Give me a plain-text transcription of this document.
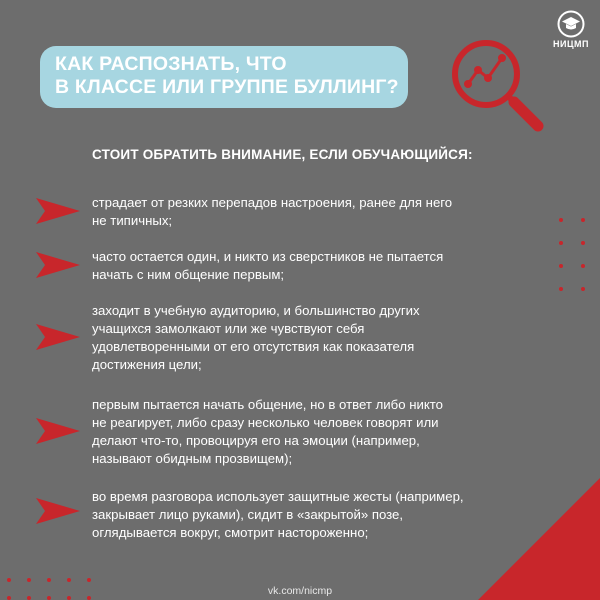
НИЦМП
КАК РАСПОЗНАТЬ, ЧТО
В КЛАССЕ ИЛИ ГРУППЕ БУЛЛИНГ?
СТОИТ ОБРАТИТЬ ВНИМАНИЕ, ЕСЛИ ОБУЧАЮЩИЙСЯ:
страдает от резких перепадов настроения, ранее для него
не типичных;
часто остается один, и никто из сверстников не пытается
начать с ним общение первым;
заходит в учебную аудиторию, и большинство других
учащихся замолкают или же чувствуют себя
удовлетворенными от его отсутствия как показателя
достижения цели;
первым пытается начать общение, но в ответ либо никто
не реагирует, либо сразу несколько человек говорят или
делают что-то, провоцируя его на эмоции (например,
называют обидным прозвищем);
во время разговора использует защитные жесты (например,
закрывает лицо руками), сидит в «закрытой» позе,
оглядывается вокруг, смотрит настороженно;
vk.com/nicmp
